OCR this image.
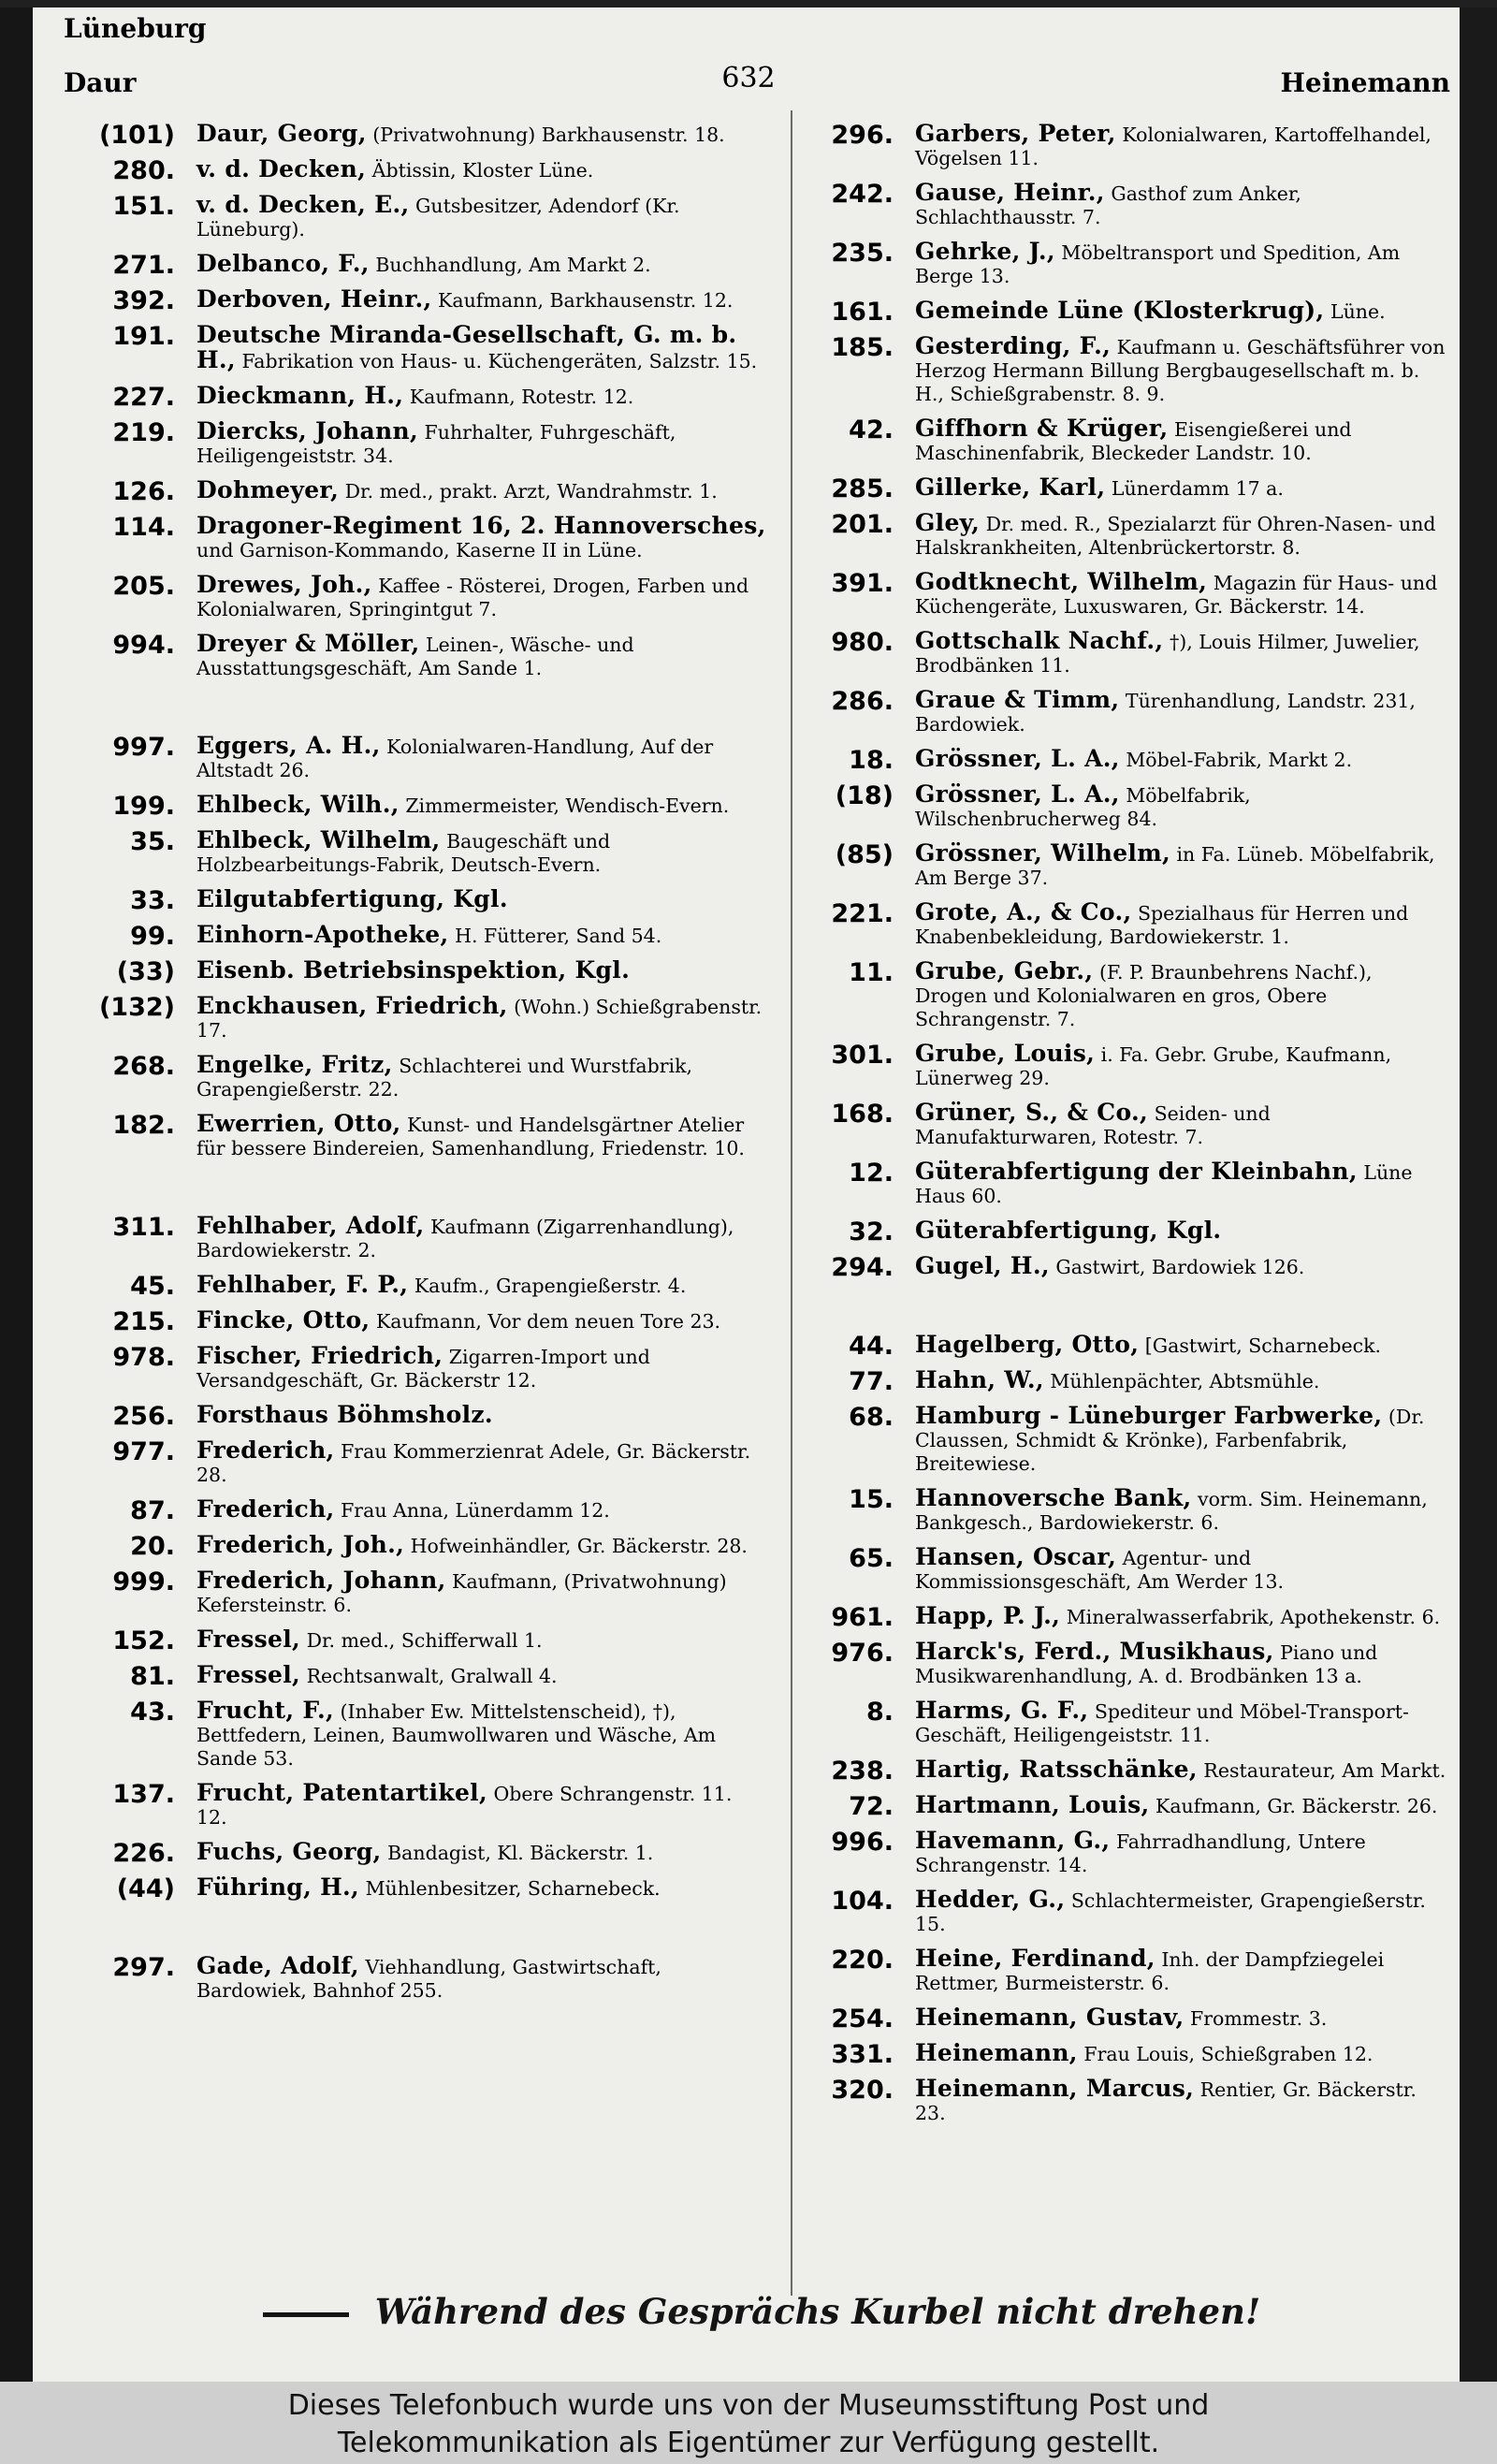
Lüneburg
Daur	632	Heinemann
(101) Daur, Georg, (Privatwohnung) Barkhausenstr. 18.
280. v. d. Decken, Äbtissin, Kloster Lüne.
151. v. d. Decken, E., Gutsbesitzer, Adendorf (Kr. Lüneburg).
271. Delbanco, F., Buchhandlung, Am Markt 2.
392. Derboven, Heinr., Kaufmann, Barkhausenstr. 12.
191. Deutsche Miranda-Gesellschaft, G. m. b. H., Fabrikation von Haus- u. Küchengeräten, Salzstr. 15.
227. Dieckmann, H., Kaufmann, Rotestr. 12.
219. Diercks, Johann, Fuhrhalter, Fuhrgeschäft, Heiligengeiststr. 34.
126. Dohmeyer, Dr. med., prakt. Arzt, Wandrahmstr. 1.
114. Dragoner-Regiment 16, 2. Hannoversches, und Garnison-Kommando, Kaserne II in Lüne.
205. Drewes, Joh., Kaffee - Rösterei, Drogen, Farben und Kolonialwaren, Springintgut 7.
994. Dreyer & Möller, Leinen-, Wäsche- und Ausstattungsgeschäft, Am Sande 1.
997. Eggers, A. H., Kolonialwaren-Handlung, Auf der Altstadt 26.
199. Ehlbeck, Wilh., Zimmermeister, Wendisch-Evern.
35. Ehlbeck, Wilhelm, Baugeschäft und Holzbearbeitungs-Fabrik, Deutsch-Evern.
33. Eilgutabfertigung, Kgl.
99. Einhorn-Apotheke, H. Fütterer, Sand 54.
(33) Eisenb. Betriebsinspektion, Kgl.
(132) Enckhausen, Friedrich, (Wohn.) Schießgrabenstr. 17.
268. Engelke, Fritz, Schlachterei und Wurstfabrik, Grapengießerstr. 22.
182. Ewerrien, Otto, Kunst- und Handelsgärtner Atelier für bessere Bindereien, Samenhandlung, Friedenstr. 10.
311. Fehlhaber, Adolf, Kaufmann (Zigarrenhandlung), Bardowiekerstr. 2.
45. Fehlhaber, F. P., Kaufm., Grapengießerstr. 4.
215. Fincke, Otto, Kaufmann, Vor dem neuen Tore 23.
978. Fischer, Friedrich, Zigarren-Import und Versandgeschäft, Gr. Bäckerstr 12.
256. Forsthaus Böhmsholz.
977. Frederich, Frau Kommerzienrat Adele, Gr. Bäckerstr. 28.
87. Frederich, Frau Anna, Lünerdamm 12.
20. Frederich, Joh., Hofweinhändler, Gr. Bäckerstr. 28.
999. Frederich, Johann, Kaufmann, (Privatwohnung) Kefersteinstr. 6.
152. Fressel, Dr. med., Schifferwall 1.
81. Fressel, Rechtsanwalt, Gralwall 4.
43. Frucht, F., (Inhaber Ew. Mittelstenscheid), †), Bettfedern, Leinen, Baumwollwaren und Wäsche, Am Sande 53.
137. Frucht, Patentartikel, Obere Schrangenstr. 11. 12.
226. Fuchs, Georg, Bandagist, Kl. Bäckerstr. 1.
(44) Führing, H., Mühlenbesitzer, Scharnebeck.
297. Gade, Adolf, Viehhandlung, Gastwirtschaft, Bardowiek, Bahnhof 255.
296. Garbers, Peter, Kolonialwaren, Kartoffelhandel, Vögelsen 11.
242. Gause, Heinr., Gasthof zum Anker, Schlachthausstr. 7.
235. Gehrke, J., Möbeltransport und Spedition, Am Berge 13.
161. Gemeinde Lüne (Klosterkrug), Lüne.
185. Gesterding, F., Kaufmann u. Geschäftsführer von Herzog Hermann Billung Bergbaugesellschaft m. b. H., Schießgrabenstr. 8. 9.
42. Giffhorn & Krüger, Eisengießerei und Maschinenfabrik, Bleckeder Landstr. 10.
285. Gillerke, Karl, Lünerdamm 17 a.
201. Gley, Dr. med. R., Spezialarzt für Ohren-Nasen- und Halskrankheiten, Altenbrückertorstr. 8.
391. Godtknecht, Wilhelm, Magazin für Haus- und Küchengeräte, Luxuswaren, Gr. Bäckerstr. 14.
980. Gottschalk Nachf., †), Louis Hilmer, Juwelier, Brodbänken 11.
286. Graue & Timm, Türenhandlung, Landstr. 231, Bardowiek.
18. Grössner, L. A., Möbel-Fabrik, Markt 2.
(18) Grössner, L. A., Möbelfabrik, Wilschenbrucherweg 84.
(85) Grössner, Wilhelm, in Fa. Lüneb. Möbelfabrik, Am Berge 37.
221. Grote, A., & Co., Spezialhaus für Herren und Knabenbekleidung, Bardowiekerstr. 1.
11. Grube, Gebr., (F. P. Braunbehrens Nachf.), Drogen und Kolonialwaren en gros, Obere Schrangenstr. 7.
301. Grube, Louis, i. Fa. Gebr. Grube, Kaufmann, Lünerweg 29.
168. Grüner, S., & Co., Seiden- und Manufakturwaren, Rotestr. 7.
12. Güterabfertigung der Kleinbahn, Lüne Haus 60.
32. Güterabfertigung, Kgl.
294. Gugel, H., Gastwirt, Bardowiek 126.
44. Hagelberg, Otto, [Gastwirt, Scharnebeck.
77. Hahn, W., Mühlenpächter, Abtsmühle.
68. Hamburg - Lüneburger Farbwerke, (Dr. Claussen, Schmidt & Krönke), Farbenfabrik, Breitewiese.
15. Hannoversche Bank, vorm. Sim. Heinemann, Bankgesch., Bardowiekerstr. 6.
65. Hansen, Oscar, Agentur- und Kommissionsgeschäft, Am Werder 13.
961. Happ, P. J., Mineralwasserfabrik, Apothekenstr. 6.
976. Harck's, Ferd., Musikhaus, Piano und Musikwarenhandlung, A. d. Brodbänken 13 a.
8. Harms, G. F., Spediteur und Möbel-Transport-Geschäft, Heiligengeiststr. 11.
238. Hartig, Ratsschänke, Restaurateur, Am Markt.
72. Hartmann, Louis, Kaufmann, Gr. Bäckerstr. 26.
996. Havemann, G., Fahrradhandlung, Untere Schrangenstr. 14.
104. Hedder, G., Schlachtermeister, Grapengießerstr. 15.
220. Heine, Ferdinand, Inh. der Dampfziegelei Rettmer, Burmeisterstr. 6.
254. Heinemann, Gustav, Frommestr. 3.
331. Heinemann, Frau Louis, Schießgraben 12.
320. Heinemann, Marcus, Rentier, Gr. Bäckerstr. 23.
Während des Gesprächs Kurbel nicht drehen!
Dieses Telefonbuch wurde uns von der Museumsstiftung Post und
Telekommunikation als Eigentümer zur Verfügung gestellt.
